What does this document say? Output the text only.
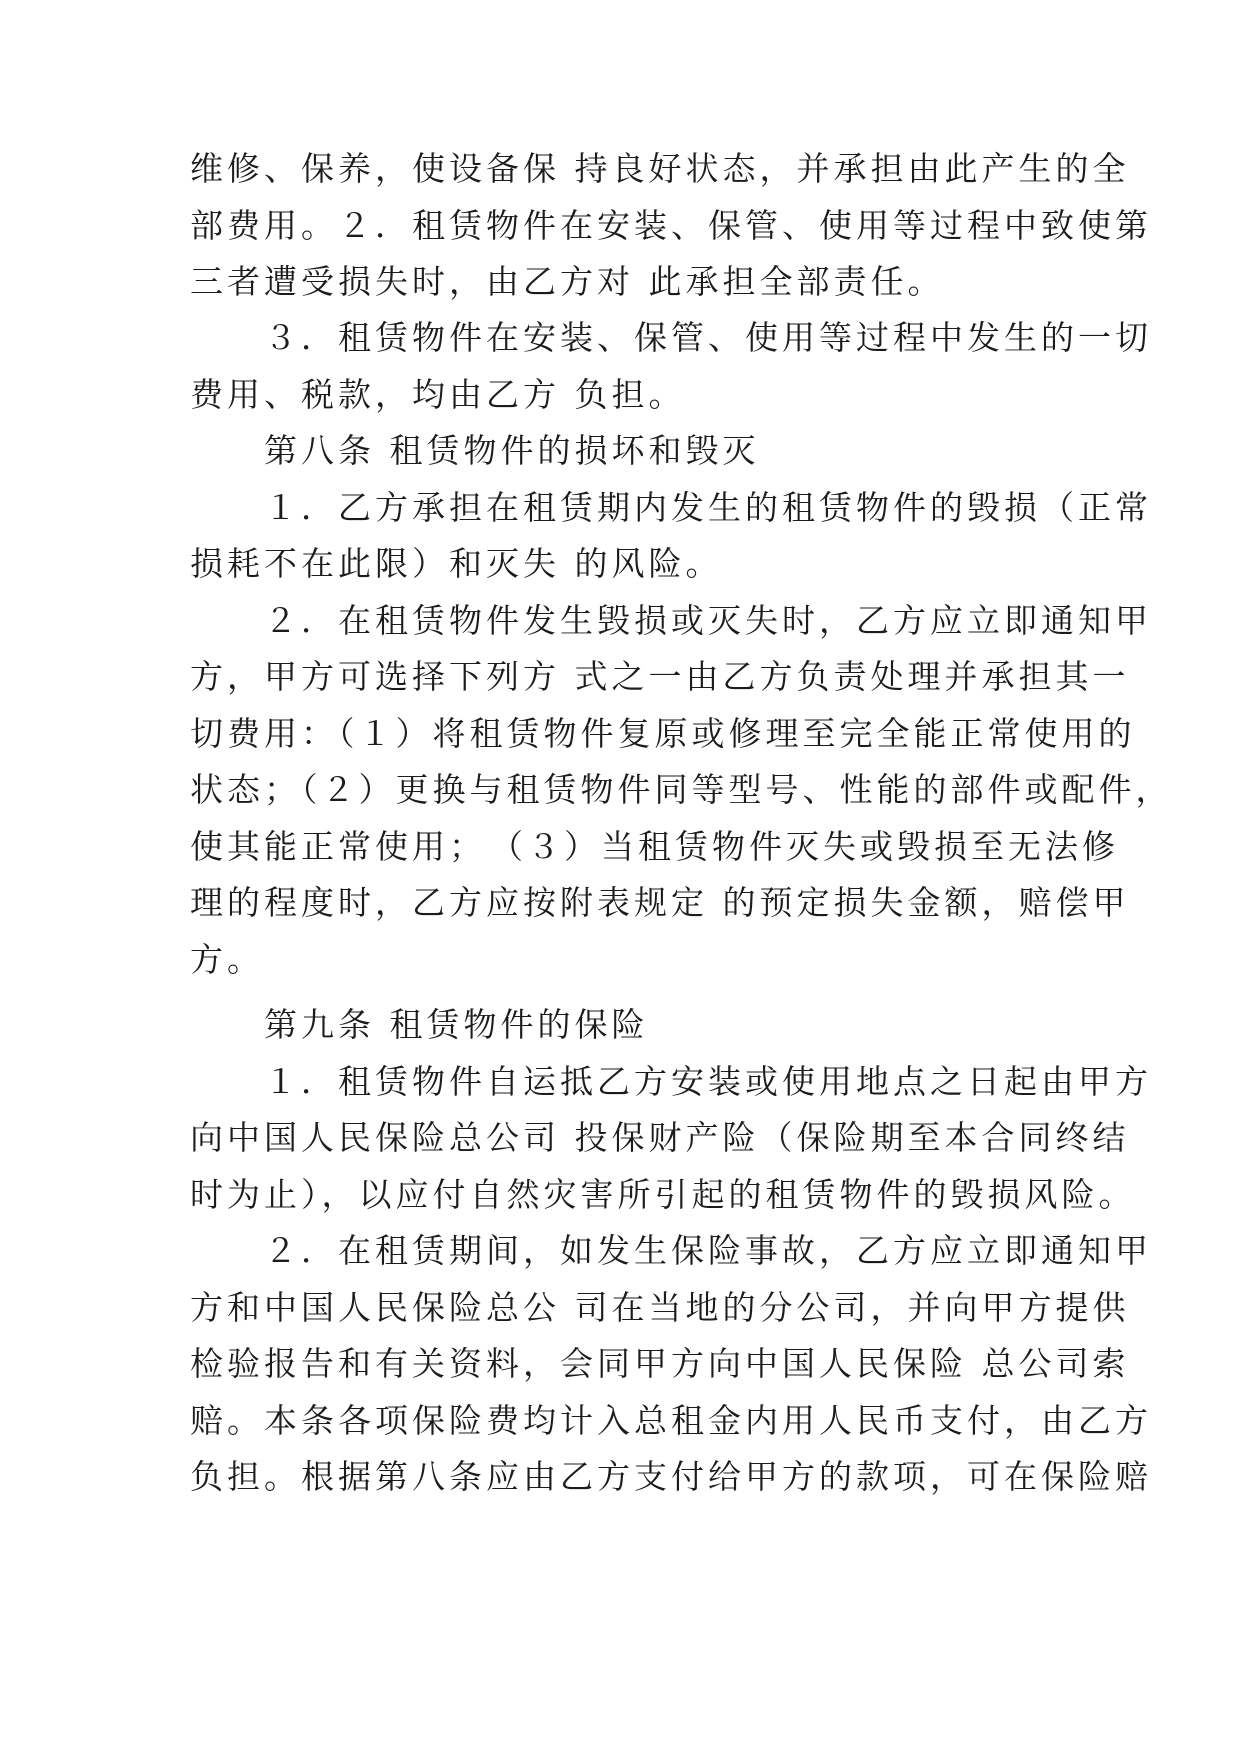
维修、保养，使设备保 持良好状态，并承担由此产生的全

部费用。２．租赁物件在安装、保管、使用等过程中致使第

三者遭受损失时，由乙方对 此承担全部责任。

　　３．租赁物件在安装、保管、使用等过程中发生的一切

费用、税款，均由乙方 负担。

　　第八条 租赁物件的损坏和毁灭

　　１．乙方承担在租赁期内发生的租赁物件的毁损（正常

损耗不在此限）和灭失 的风险。

　　２．在租赁物件发生毁损或灭失时，乙方应立即通知甲

方，甲方可选择下列方 式之一由乙方负责处理并承担其一

切费用：（１）将租赁物件复原或修理至完全能正常使用的

状态；（２）更换与租赁物件同等型号、性能的部件或配件，

使其能正常使用；　（３）当租赁物件灭失或毁损至无法修

理的程度时，乙方应按附表规定 的预定损失金额，赔偿甲

方。

　　第九条 租赁物件的保险

　　１．租赁物件自运抵乙方安装或使用地点之日起由甲方

向中国人民保险总公司 投保财产险（保险期至本合同终结

时为止），以应付自然灾害所引起的租赁物件的毁损风险。

　　２．在租赁期间，如发生保险事故，乙方应立即通知甲

方和中国人民保险总公 司在当地的分公司，并向甲方提供

检验报告和有关资料，会同甲方向中国人民保险 总公司索

赔。本条各项保险费均计入总租金内用人民币支付，由乙方

负担。根据第八条应由乙方支付给甲方的款项，可在保险赔
